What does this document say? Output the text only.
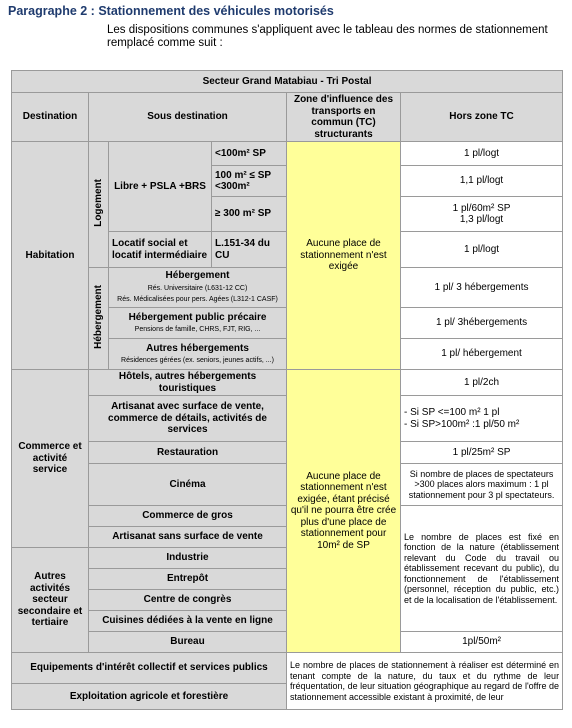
Paragraphe 2 : Stationnement des véhicules motorisés
Les dispositions communes s'appliquent avec le tableau des normes de stationnement remplacé comme suit :
Secteur Grand Matabiau - Tri Postal					
Destination	Sous destination			Zone d'influence des transports en commun (TC) structurants	Hors zone TC
Habitation	Logement	Libre + PSLA +BRS	<100m² SP	Aucune place de stationnement n'est exigée	1 pl/logt
			100 m² ≤ SP <300m²		1,1 pl/logt
			≥ 300 m² SP		1 pl/60m² SP
1,3 pl/logt
		Locatif social et locatif intermédiaire	L.151-34 du CU		1 pl/logt
	Hébergement	Hébergement
Rés. Universitaire (L631-12 CC)
Rés. Médicalisées pour pers. Agées (L312-1 CASF)			1 pl/ 3 hébergements
		Hébergement public précaire
Pensions de famille, CHRS, FJT, RIG, ...			1 pl/ 3hébergements
		Autres hébergements
Résidences gérées (ex. seniors, jeunes actifs, ...)			1 pl/ hébergement
Commerce et activité service	Hôtels, autres hébergements touristiques			Aucune place de stationnement n'est exigée, étant précisé qu'il ne pourra être crée plus d'une place de stationnement pour 10m² de SP	1 pl/2ch
	Artisanat avec surface de vente, commerce de détails, activités de services				- Si SP <=100 m² 1 pl
- Si SP>100m² :1 pl/50 m²
	Restauration				1 pl/25m² SP
	Cinéma				Si nombre de places de spectateurs >300 places alors maximum : 1 pl stationnement pour 3 pl spectateurs.
	Commerce de gros				Le nombre de places est fixé en fonction de la nature (établissement relevant du Code du travail ou établissement recevant du public), du fonctionnement de l'établissement (personnel, réception du public, etc.) et de la localisation de l'établissement.
	Artisanat sans surface de vente				
Autres activités secteur secondaire et tertiaire	Industrie				
	Entrepôt				
	Centre de congrès				
	Cuisines dédiées à la vente en ligne				
	Bureau				1pl/50m²
Equipements d'intérêt collectif et services publics				Le nombre de places de stationnement à réaliser est déterminé en tenant compte de la nature, du taux et du rythme de leur fréquentation, de leur situation géographique au regard de l'offre de stationnement accessible existant à proximité, de leur	
Exploitation agricole et forestière					
